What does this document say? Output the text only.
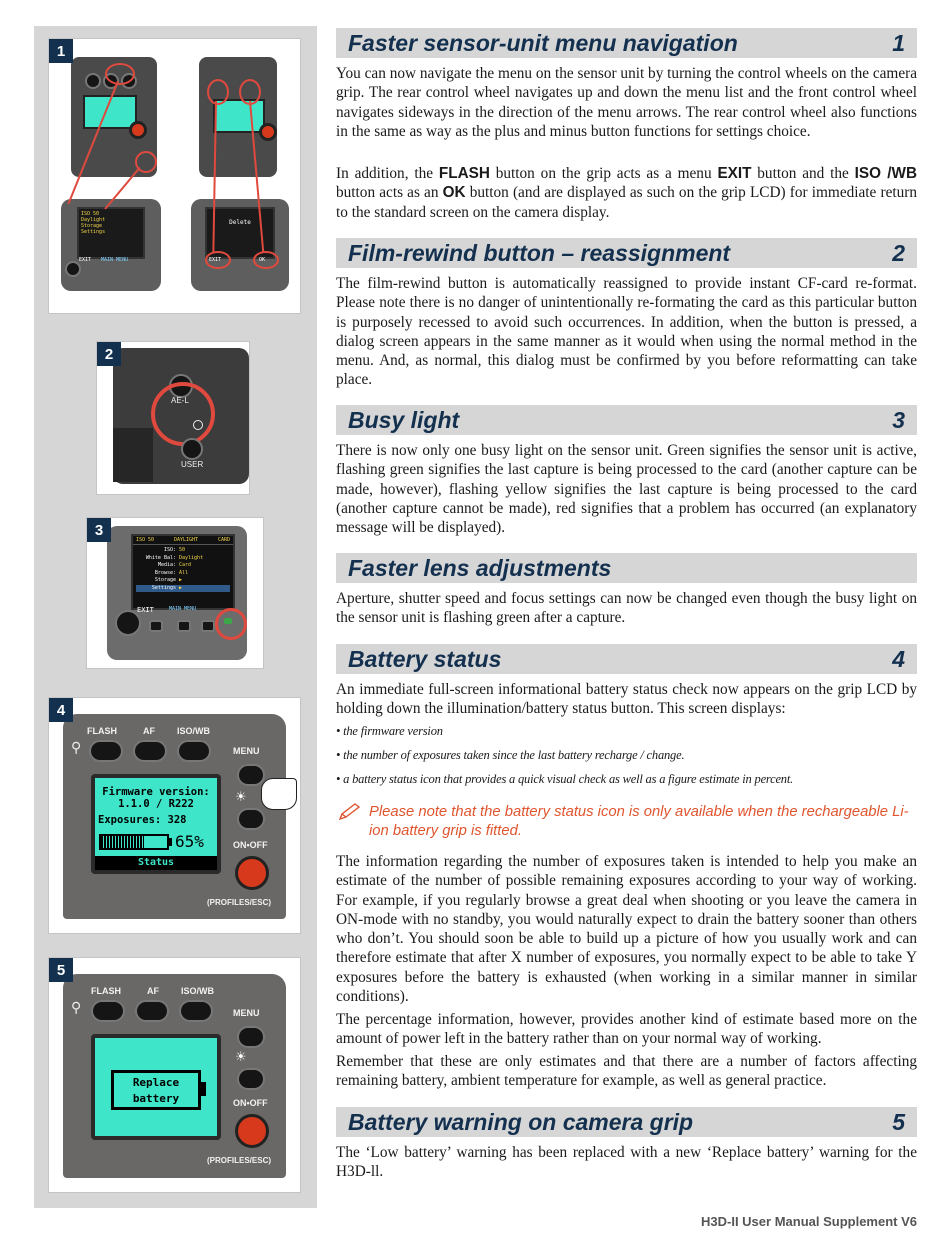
1
ISO 50
Daylight
Storage
Settings
EXIT MAIN MENU
Delete
EXIT	OK
2
AE-L
USER
3
ISO 50	DAYLIGHT	CARD
ISO: 50
White Bal: Daylight
Media: Card
Browse: All
Storage ▶
Settings ▶
EXIT	MAIN MENU
4
FLASH	AF ISO/WB
MENU
⚲
☀
ON•OFF
(PROFILES/ESC)
Firmware version:
1.1.0 / R222
Exposures: 328
65%
Status
5
FLASH	AF ISO/WB
MENU
⚲
☀
ON•OFF
(PROFILES/ESC)
Replace
battery
Faster sensor-unit menu navigation	1

You can now navigate the menu on the sensor unit by turning the control wheels on the camera grip. The rear control wheel navigates up and down the menu list and the front control wheel navigates sideways in the direction of the menu arrows. The rear control wheel also functions in the same as way as the plus and minus button functions for settings choice.

In addition, the FLASH button on the grip acts as a menu EXIT button and the ISO /WB button acts as an OK button (and are displayed as such on the grip LCD) for immediate return to the standard screen on the camera display.

Film-rewind button – reassignment	2

The film-rewind button is automatically reassigned to provide instant CF-card re-format. Please note there is no danger of unintentionally re-formating the card as this particular button is purposely recessed to avoid such occurrences. In addition, when the button is pressed, a dialog screen appears in the same manner as it would when using the normal method in the menu. And, as normal, this dialog must be confirmed by you before reformatting can take place.

Busy light	3

There is now only one busy light on the sensor unit. Green signifies the sensor unit is active, flashing green signifies the last capture is being processed to the card (another capture can be made, however), flashing yellow signifies the last capture is being processed to the card (another capture cannot be made), red signifies that a problem has occurred (an explanatory message will be displayed).

Faster lens adjustments

Aperture, shutter speed and focus settings can now be changed even though the busy light on the sensor unit is flashing green after a capture.

Battery status	4

An immediate full-screen informational battery status check now appears on the grip LCD by holding down the illumination/battery status button. This screen displays:

• the firmware version
• the number of exposures taken since the last battery recharge / change.
• a battery status icon that provides a quick visual check as well as a figure estimate in percent.
Please note that the battery status icon is only available when the rechargeable Li-ion battery grip is fitted.

The information regarding the number of exposures taken is intended to help you make an estimate of the number of possible remaining exposures according to your way of working. For example, if you regularly browse a great deal when shooting or you leave the camera in ON-mode with no standby, you would naturally expect to drain the battery sooner than others who don’t. You should soon be able to build up a picture of how you usually work and can therefore estimate that after X number of exposures, you normally expect to be able to take Y exposures before the battery is exhausted (when working in a similar manner in similar conditions).

The percentage information, however, provides another kind of estimate based more on the amount of power left in the battery rather than on your normal way of working.

Remember that these are only estimates and that there are a number of factors affecting remaining battery, ambient temperature for example, as well as general practice.

Battery warning on camera grip	5

The ‘Low battery’ warning has been replaced with a new ‘Replace battery’ warning for the H3D-ll.

H3D-II User Manual Supplement V6
